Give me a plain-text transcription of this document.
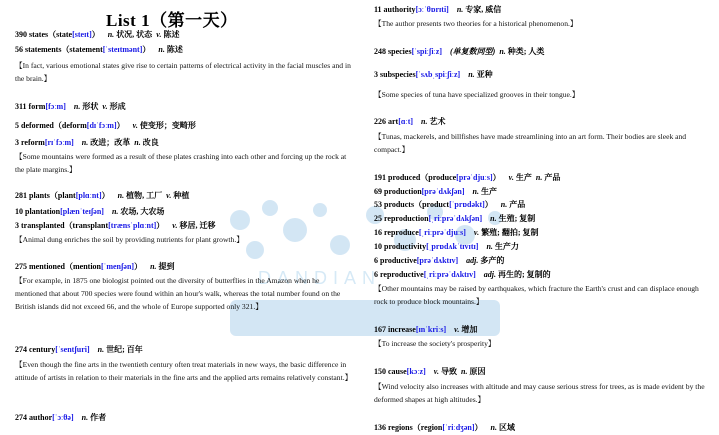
DANDIAN
List 1（第一天）
390 states（state[steɪt]）  n. 状况, 状态  v. 陈述
56 statements（statement[ˈsteɪtmənt]）  n. 陈述
【In fact, various emotional states give rise to certain patterns of electrical activity in the facial muscles and in the brain.】
311 form[fɔːm]  n. 形状  v. 形成
5 deformed（deform[dɪˈfɔːm]）  v. 使变形；变畸形
3 reform[rɪˈfɔːm]  n. 改进；改革  n. 改良
【Some mountains were formed as a result of these plates crashing into each other and forcing up the rock at the plate margins.】
281 plants（plant[plɑːnt]）  n. 植物, 工厂  v. 种植
10 plantation[plænˈteɪʃən]  n. 农场, 大农场
3 transplanted（transplant[trænsˈplɑːnt]）  v. 移居, 迁移
【Animal dung enriches the soil by providing nutrients for plant growth.】
275 mentioned（mention[ˈmenʃən]）  n. 提到
【For example, in 1875 one biologist pointed out the diversity of butterflies in the Amazon when he mentioned that about 700 species were found within an hour's walk, whereas the total number found on the British islands did not exceed 66, and the whole of Europe supported only 321.】
274 century[ˈsentʃuri]  n. 世纪; 百年
【Even though the fine arts in the twentieth century often treat materials in new ways, the basic difference in attitude of artists in relation to their materials in the fine arts and the applied arts remains relatively constant.】
274 author[ˈɔːθə]  n. 作者
11 authority[ɔːˈθɒrɪti]  n. 专家, 威信
【The author presents two theories for a historical phenomenon.】
248 species[ˈspiːʃiːz]  (单复数同型)  n. 种类; 人类
3 subspecies[ˈsʌbˌspiːʃiːz]  n. 亚种
【Some species of tuna have specialized grooves in their tongue.】
226 art[ɑːt]  n. 艺术
【Tunas, mackerels, and billfishes have made streamlining into an art form. Their bodies are sleek and compact.】
191 produced（produce[prəˈdjuːs]）  v. 生产  n. 产品
69 production[prəˈdʌkʃən]  n. 生产
53 products（product[ˈprɒdəkt]）  n. 产品
25 reproduction[ˌriːprəˈdʌkʃən]  n. 生殖; 复制
16 reproduce[ˌriːprəˈdjuːs]  v. 繁殖; 翻拍; 复制
10 productivity[ˌprɒdʌkˈtɪvɪtɪ]  n. 生产力
6 productive[prəˈdʌktɪv]  adj. 多产的
6 reproductive[ˌriːprəˈdʌktɪv]  adj. 再生的; 复制的
【Other mountains may be raised by earthquakes, which fracture the Earth's crust and can displace enough rock to produce block mountains.】
167 increase[ɪnˈkriːs]  v. 增加
【To increase the society's prosperity】
150 cause[kɔːz]  v. 导致  n. 原因
【Wind velocity also increases with altitude and may cause serious stress for trees, as is made evident by the deformed shapes at high altitudes.】
136 regions（region[ˈriːdʒən]）  n. 区域
